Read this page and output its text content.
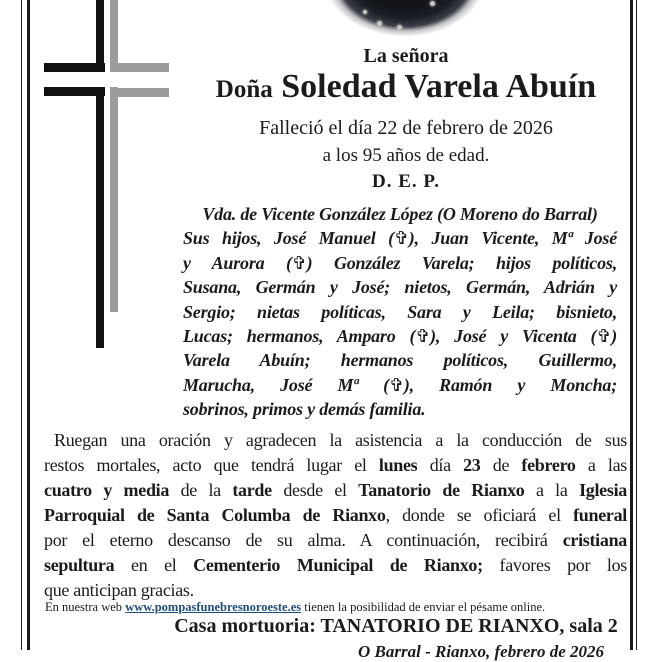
La señora
Doña Soledad Varela Abuín
Falleció el día 22 de febrero de 2026
a los 95 años de edad.
D. E. P.
Vda. de Vicente González López (O Moreno do Barral)
Sus hijos, José Manuel (✞), Juan Vicente, Mª José
y Aurora (✞) González Varela; hijos políticos,
Susana, Germán y José; nietos, Germán, Adrián y
Sergio; nietas políticas, Sara y Leila; bisnieto,
Lucas; hermanos, Amparo (✞), José y Vicenta (✞)
Varela Abuín; hermanos políticos, Guillermo,
Marucha, José Mª (✞), Ramón y Moncha;
sobrinos, primos y demás familia.
Ruegan una oración y agradecen la asistencia a la conducción de sus
restos mortales, acto que tendrá lugar el lunes día 23 de febrero a las
cuatro y media de la tarde desde el Tanatorio de Rianxo a la Iglesia
Parroquial de Santa Columba de Rianxo, donde se oficiará el funeral
por el eterno descanso de su alma. A continuación, recibirá cristiana
sepultura en el Cementerio Municipal de Rianxo; favores por los
que anticipan gracias.
En nuestra web www.pompasfunebresnoroeste.es tienen la posibilidad de enviar el pésame online.
Casa mortuoria: TANATORIO DE RIANXO, sala 2
O Barral - Rianxo, febrero de 2026
